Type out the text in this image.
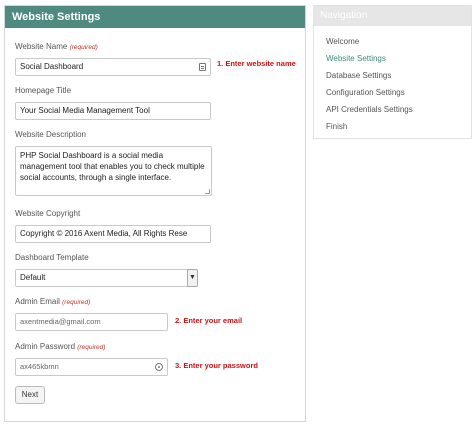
Website Settings
Website Name (required)
Social Dashboard
Homepage Title
Your Social Media Management Tool
Website Description
PHP Social Dashboard is a social media management tool that enables you to check multiple social accounts, through a single interface.
Website Copyright
Copyright © 2016 Axent Media, All Rights Rese
Dashboard Template
Default	▼
Admin Email (required)
axentmedia@gmail.com
Admin Password (required)
ax465kbmn
Next
1. Enter website name
2. Enter your email
3. Enter your password
Navigation
Welcome
Website Settings
Database Settings
Configuration Settings
API Credentials Settings
Finish
